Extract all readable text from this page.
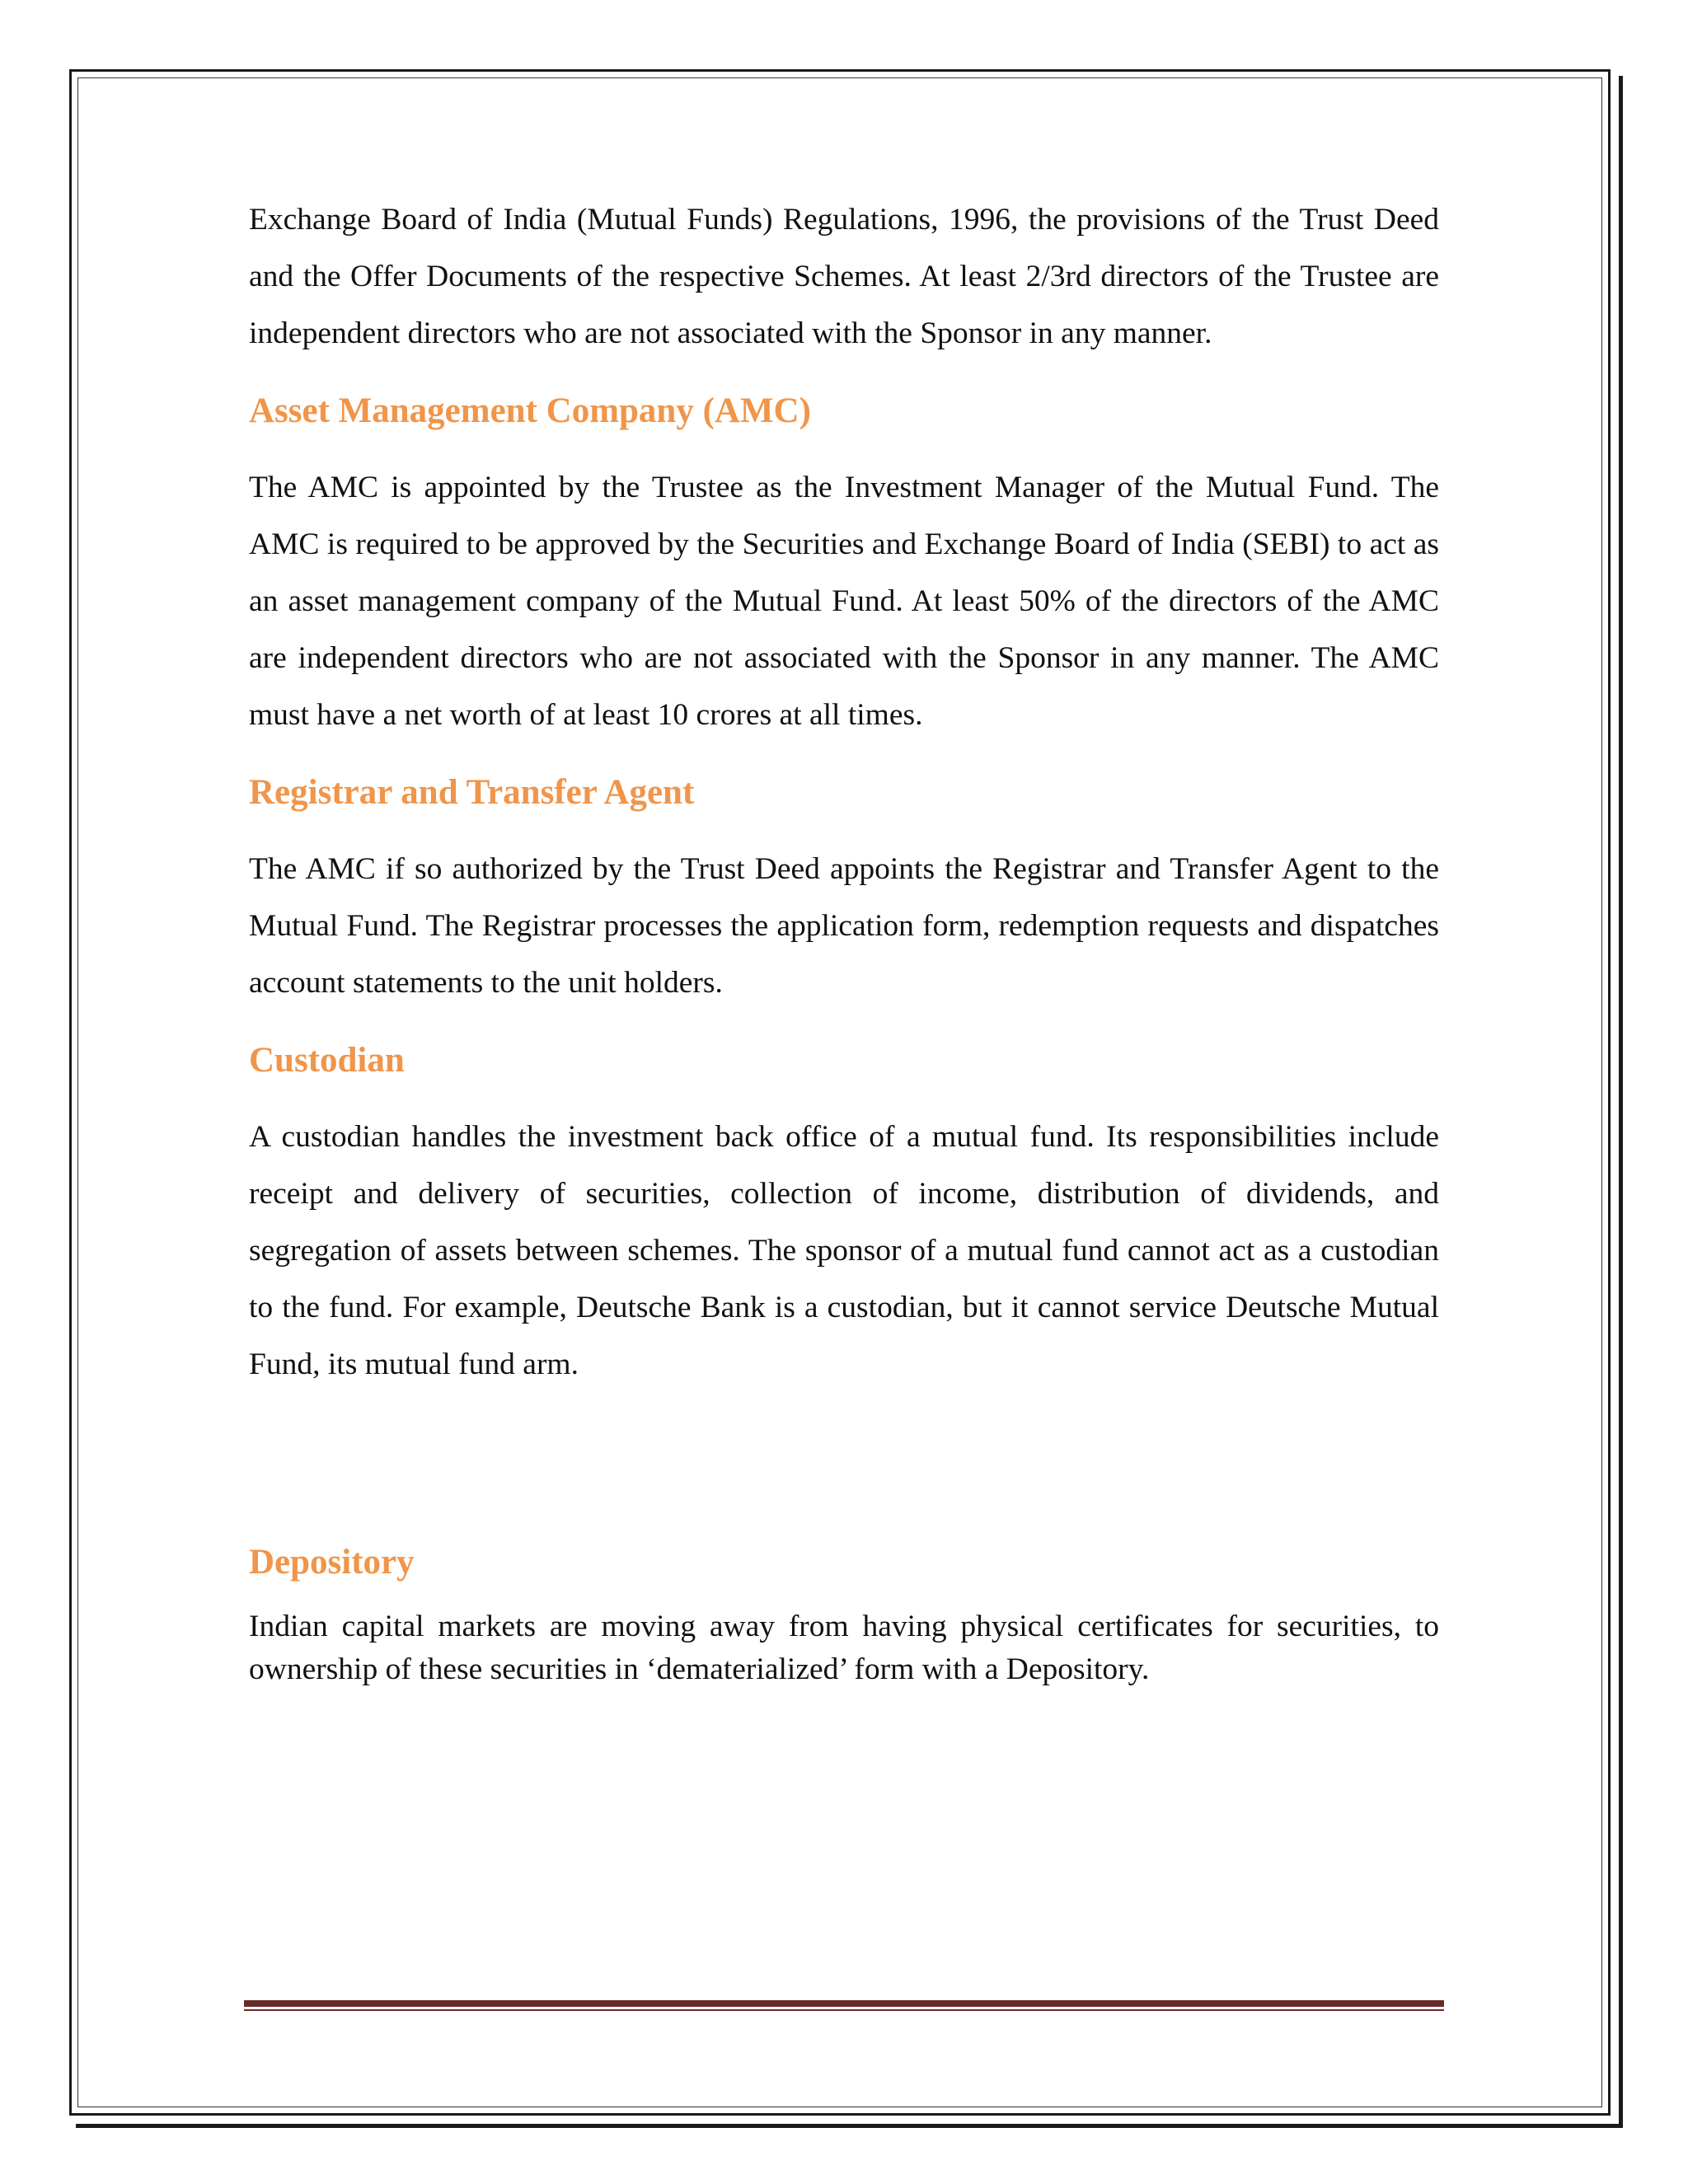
Exchange Board of India (Mutual Funds) Regulations, 1996, the provisions of the Trust Deed and the Offer Documents of the respective Schemes. At least 2/3rd directors of the Trustee are independent directors who are not associated with the Sponsor in any manner.

Asset Management Company (AMC)

The AMC is appointed by the Trustee as the Investment Manager of the Mutual Fund. The AMC is required to be approved by the Securities and Exchange Board of India (SEBI) to act as an asset management company of the Mutual Fund. At least 50% of the directors of the AMC are independent directors who are not associated with the Sponsor in any manner. The AMC must have a net worth of at least 10 crores at all times.

Registrar and Transfer Agent

The AMC if so authorized by the Trust Deed appoints the Registrar and Transfer Agent to the Mutual Fund. The Registrar processes the application form, redemption requests and dispatches account statements to the unit holders.

Custodian

A custodian handles the investment back office of a mutual fund. Its responsibilities include receipt and delivery of securities, collection of income, distribution of dividends, and segregation of assets between schemes. The sponsor of a mutual fund cannot act as a custodian to the fund. For example, Deutsche Bank is a custodian, but it cannot service Deutsche Mutual Fund, its mutual fund arm.

Depository

Indian capital markets are moving away from having physical certificates for securities, to ownership of these securities in ‘dematerialized’ form with a Depository.
